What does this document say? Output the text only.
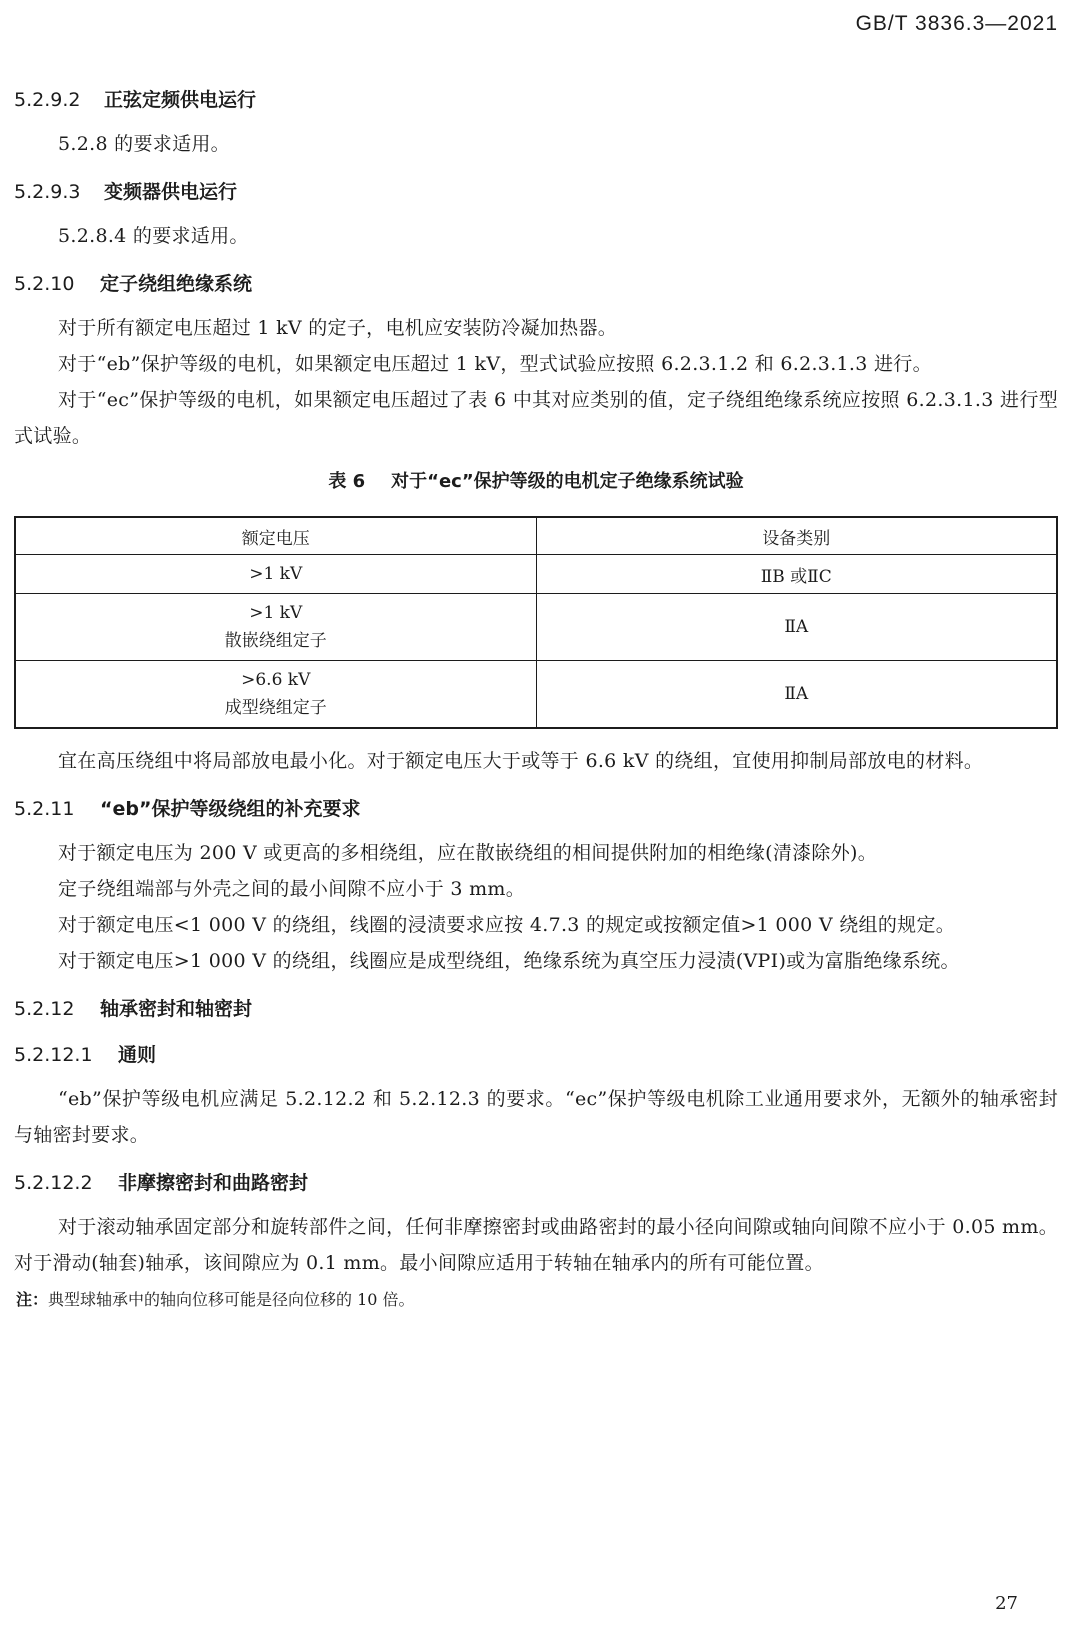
GB/T 3836.3—2021
5.2.9.2 正弦定频供电运行

5.2.8 的要求适用。

5.2.9.3 变频器供电运行

5.2.8.4 的要求适用。

5.2.10 定子绕组绝缘系统

对于所有额定电压超过 1 kV 的定子，电机应安装防冷凝加热器。

对于“eb”保护等级的电机，如果额定电压超过 1 kV，型式试验应按照 6.2.3.1.2 和 6.2.3.1.3 进行。

对于“ec”保护等级的电机，如果额定电压超过了表 6 中其对应类别的值，定子绕组绝缘系统应按照 6.2.3.1.3 进行型式试验。

表 6 对于“ec”保护等级的电机定子绝缘系统试验
额定电压	设备类别
>1 kV	ⅡB 或ⅡC

>1 kV
散嵌绕组定子	ⅡA

>6.6 kV
成型绕组定子	ⅡA

宜在高压绕组中将局部放电最小化。对于额定电压大于或等于 6.6 kV 的绕组，宜使用抑制局部放电的材料。

5.2.11 “eb”保护等级绕组的补充要求

对于额定电压为 200 V 或更高的多相绕组，应在散嵌绕组的相间提供附加的相绝缘(清漆除外)。

定子绕组端部与外壳之间的最小间隙不应小于 3 mm。

对于额定电压<1 000 V 的绕组，线圈的浸渍要求应按 4.7.3 的规定或按额定值>1 000 V 绕组的规定。

对于额定电压>1 000 V 的绕组，线圈应是成型绕组，绝缘系统为真空压力浸渍(VPI)或为富脂绝缘系统。

5.2.12 轴承密封和轴密封
5.2.12.1 通则

“eb”保护等级电机应满足 5.2.12.2 和 5.2.12.3 的要求。“ec”保护等级电机除工业通用要求外，无额外的轴承密封与轴密封要求。

5.2.12.2 非摩擦密封和曲路密封

对于滚动轴承固定部分和旋转部件之间，任何非摩擦密封或曲路密封的最小径向间隙或轴向间隙不应小于 0.05 mm。对于滑动(轴套)轴承，该间隙应为 0.1 mm。最小间隙应适用于转轴在轴承内的所有可能位置。

注：典型球轴承中的轴向位移可能是径向位移的 10 倍。
27
